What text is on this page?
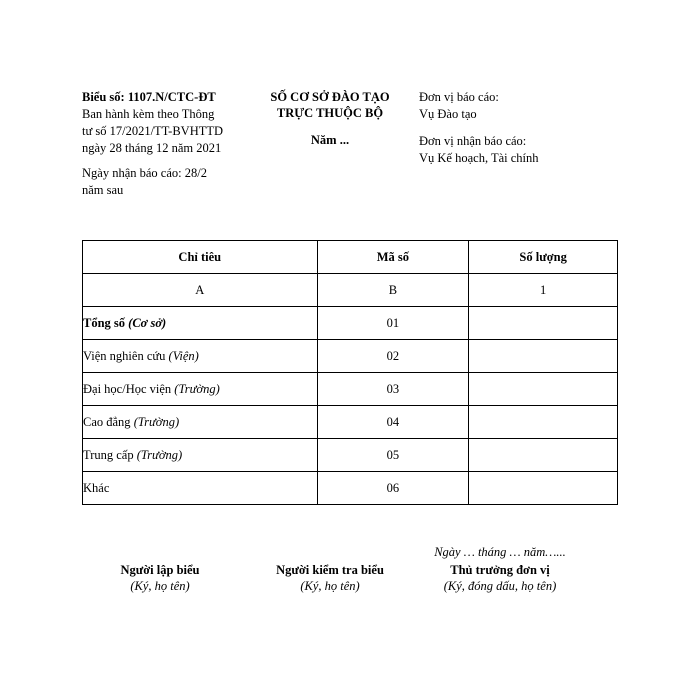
Biểu số: 1107.N/CTC-ĐT
Ban hành kèm theo Thông
tư số 17/2021/TT-BVHTTD
ngày 28 tháng 12 năm 2021
Ngày nhận báo cáo: 28/2
năm sau
SỐ CƠ SỞ ĐÀO TẠO
TRỰC THUỘC BỘ
Năm ...
Đơn vị báo cáo:
Vụ Đào tạo
Đơn vị nhận báo cáo:
Vụ Kế hoạch, Tài chính
Chỉ tiêu	Mã số	Số lượng
A	B	1
Tổng số (Cơ sở)	01	
Viện nghiên cứu (Viện)	02	
Đại học/Học viện (Trường)	03	
Cao đẳng (Trường)	04	
Trung cấp (Trường)	05	
Khác	06	
Người lập biểu
(Ký, họ tên)
Người kiểm tra biểu
(Ký, họ tên)
Ngày … tháng … năm…...
Thủ trưởng đơn vị
(Ký, đóng dấu, họ tên)
